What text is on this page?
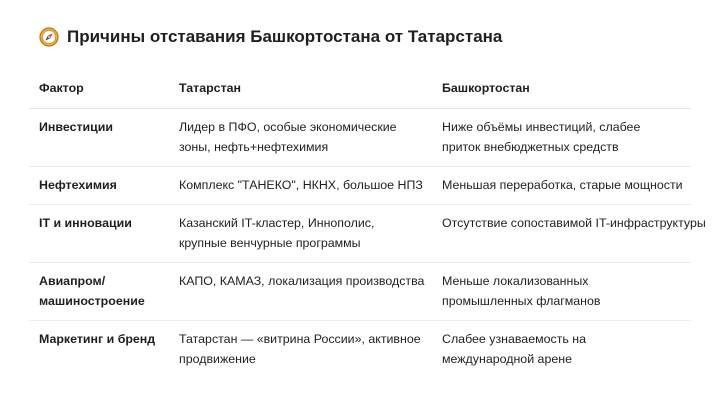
Причины отставания Башкортостана от Татарстана
Фактор	Татарстан	Башкортостан
Инвестиции	Лидер в ПФО, особые экономические зоны, нефть+нефтехимия	Ниже объёмы инвестиций, слабее приток внебюджетных средств
Нефтехимия	Комплекс "ТАНЕКО", НКНХ, большое НПЗ	Меньшая переработка, старые мощности
IT и инновации	Казанский IT-кластер, Иннополис, крупные венчурные программы	Отсутствие сопоставимой IT-инфраструктуры
Авиапром/ машиностроение	КАПО, КАМАЗ, локализация производства	Меньше локализованных промышленных флагманов
Маркетинг и бренд	Татарстан — «витрина России», активное продвижение	Слабее узнаваемость на международной арене
